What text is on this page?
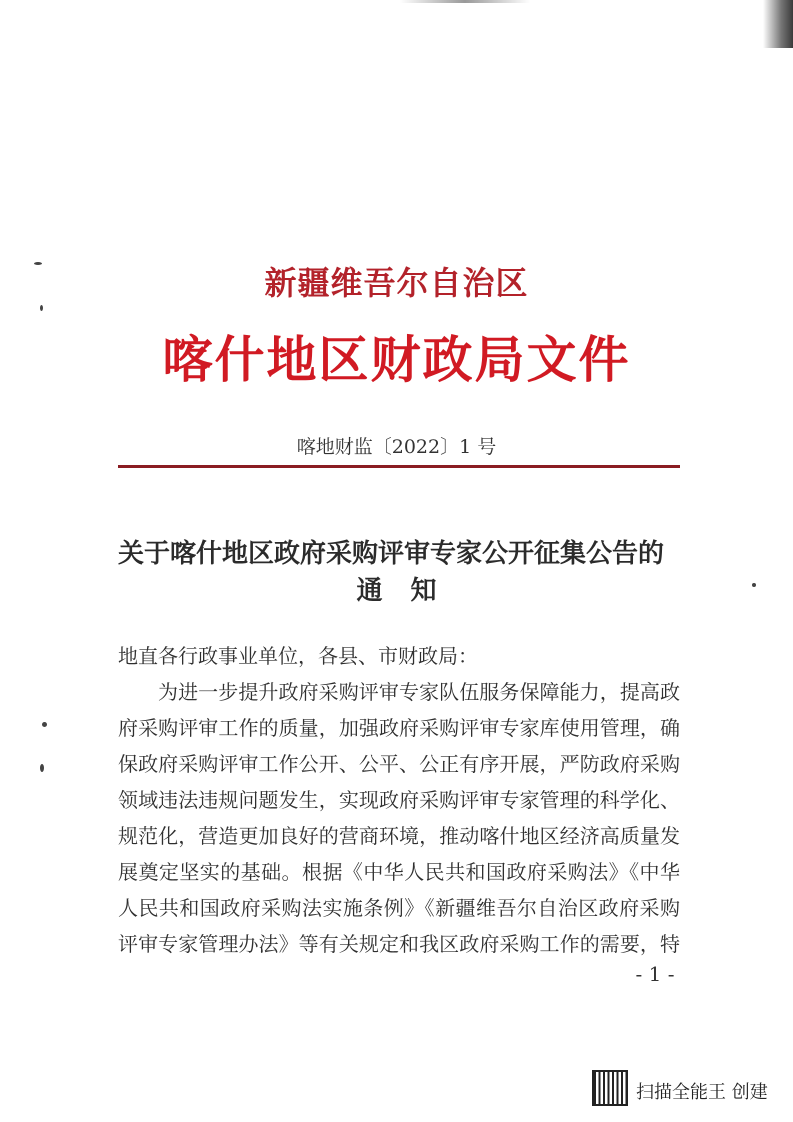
新疆维吾尔自治区
喀什地区财政局文件
喀地财监〔2022〕1 号
关于喀什地区政府采购评审专家公开征集公告的
通知
地直各行政事业单位，各县、市财政局：
为进一步提升政府采购评审专家队伍服务保障能力，提高政
府采购评审工作的质量，加强政府采购评审专家库使用管理，确
保政府采购评审工作公开、公平、公正有序开展，严防政府采购
领域违法违规问题发生，实现政府采购评审专家管理的科学化、
规范化，营造更加良好的营商环境，推动喀什地区经济高质量发
展奠定坚实的基础。根据《中华人民共和国政府采购法》《中华
人民共和国政府采购法实施条例》《新疆维吾尔自治区政府采购
评审专家管理办法》等有关规定和我区政府采购工作的需要，特
- 1 -
扫描全能王 创建
